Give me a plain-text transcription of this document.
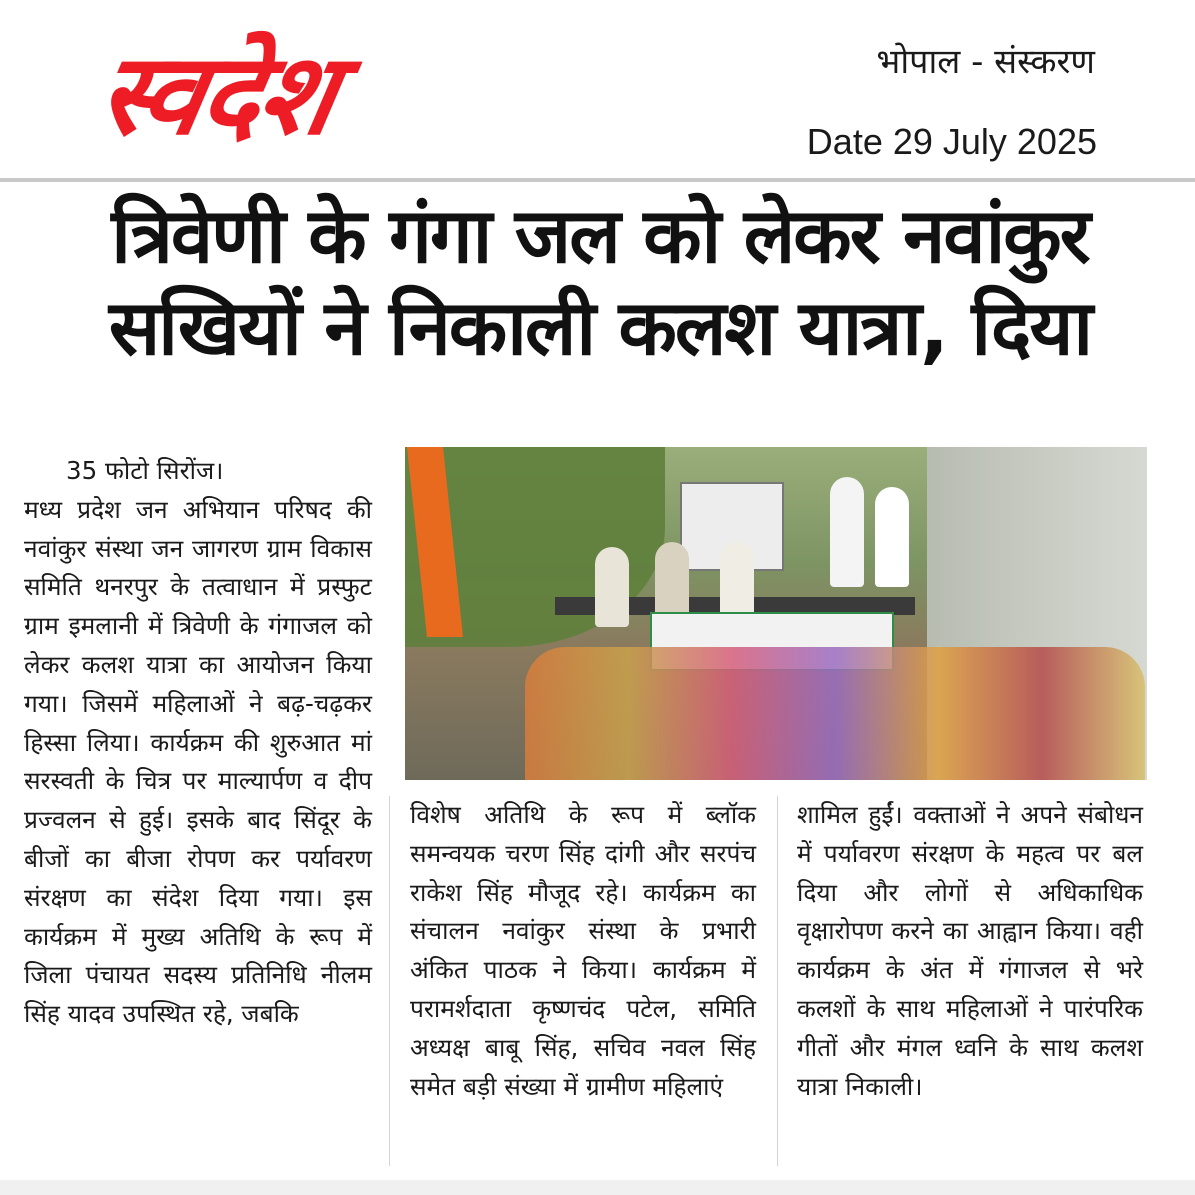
स्वदेश	भोपाल - संस्करण
Date 29 July 2025
त्रिवेणी के गंगा जल को लेकर नवांकुर
सखियों ने निकाली कलश यात्रा, दिया

35 फोटो सिरोंज।

मध्य प्रदेश जन अभियान परिषद की नवांकुर संस्था जन जागरण ग्राम विकास समिति थनरपुर के तत्वाधान में प्रस्फुट ग्राम इमलानी में त्रिवेणी के गंगाजल को लेकर कलश यात्रा का आयोजन किया गया। जिसमें महिलाओं ने बढ़-चढ़कर हिस्सा लिया। कार्यक्रम की शुरुआत मां सरस्वती के चित्र पर माल्यार्पण व दीप प्रज्वलन से हुई। इसके बाद सिंदूर के बीजों का बीजा रोपण कर पर्यावरण संरक्षण का संदेश दिया गया। इस कार्यक्रम में मुख्य अतिथि के रूप में जिला पंचायत सदस्य प्रतिनिधि नीलम सिंह यादव उपस्थित रहे, जबकि

विशेष अतिथि के रूप में ब्लॉक समन्वयक चरण सिंह दांगी और सरपंच राकेश सिंह मौजूद रहे। कार्यक्रम का संचालन नवांकुर संस्था के प्रभारी अंकित पाठक ने किया। कार्यक्रम में परामर्शदाता कृष्णचंद पटेल, समिति अध्यक्ष बाबू सिंह, सचिव नवल सिंह समेत बड़ी संख्या में ग्रामीण महिलाएं

शामिल हुईं। वक्ताओं ने अपने संबोधन में पर्यावरण संरक्षण के महत्व पर बल दिया और लोगों से अधिकाधिक वृक्षारोपण करने का आह्वान किया। वही कार्यक्रम के अंत में गंगाजल से भरे कलशों के साथ महिलाओं ने पारंपरिक गीतों और मंगल ध्वनि के साथ कलश यात्रा निकाली।
